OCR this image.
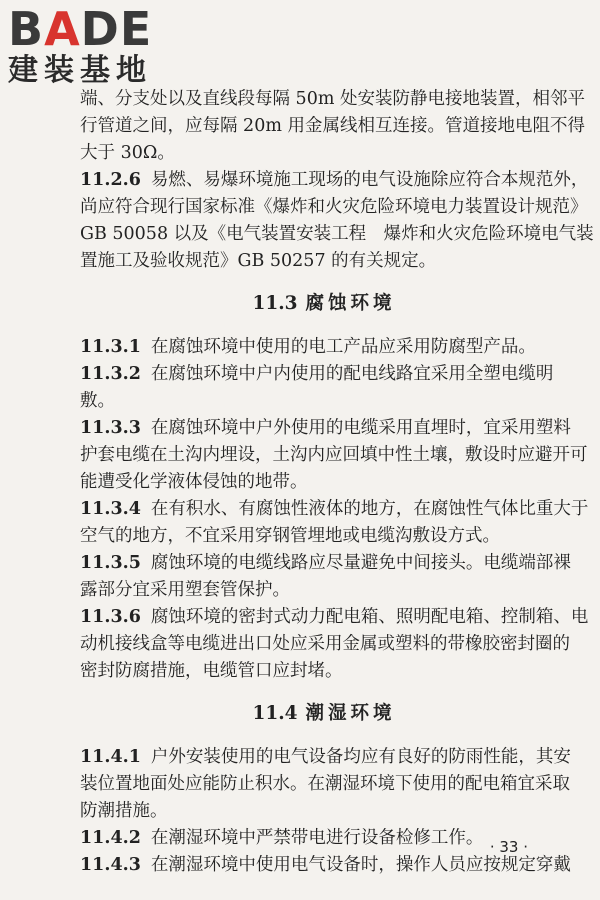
BADE
建装基地

端、分支处以及直线段每隔 50m 处安装防静电接地装置，相邻平

行管道之间，应每隔 20m 用金属线相互连接。管道接地电阻不得

大于 30Ω。

11.2.6 易燃、易爆环境施工现场的电气设施除应符合本规范外，

尚应符合现行国家标准《爆炸和火灾危险环境电力装置设计规范》

GB 50058 以及《电气装置安装工程　爆炸和火灾危险环境电气装

置施工及验收规范》GB 50257 的有关规定。

11.3 腐蚀环境

11.3.1 在腐蚀环境中使用的电工产品应采用防腐型产品。

11.3.2 在腐蚀环境中户内使用的配电线路宜采用全塑电缆明

敷。

11.3.3 在腐蚀环境中户外使用的电缆采用直埋时，宜采用塑料

护套电缆在土沟内埋设，土沟内应回填中性土壤，敷设时应避开可

能遭受化学液体侵蚀的地带。

11.3.4 在有积水、有腐蚀性液体的地方，在腐蚀性气体比重大于

空气的地方，不宜采用穿钢管埋地或电缆沟敷设方式。

11.3.5 腐蚀环境的电缆线路应尽量避免中间接头。电缆端部裸

露部分宜采用塑套管保护。

11.3.6 腐蚀环境的密封式动力配电箱、照明配电箱、控制箱、电

动机接线盒等电缆进出口处应采用金属或塑料的带橡胶密封圈的

密封防腐措施，电缆管口应封堵。

11.4 潮湿环境

11.4.1 户外安装使用的电气设备均应有良好的防雨性能，其安

装位置地面处应能防止积水。在潮湿环境下使用的配电箱宜采取

防潮措施。

11.4.2 在潮湿环境中严禁带电进行设备检修工作。

11.4.3 在潮湿环境中使用电气设备时，操作人员应按规定穿戴

· 33 ·
